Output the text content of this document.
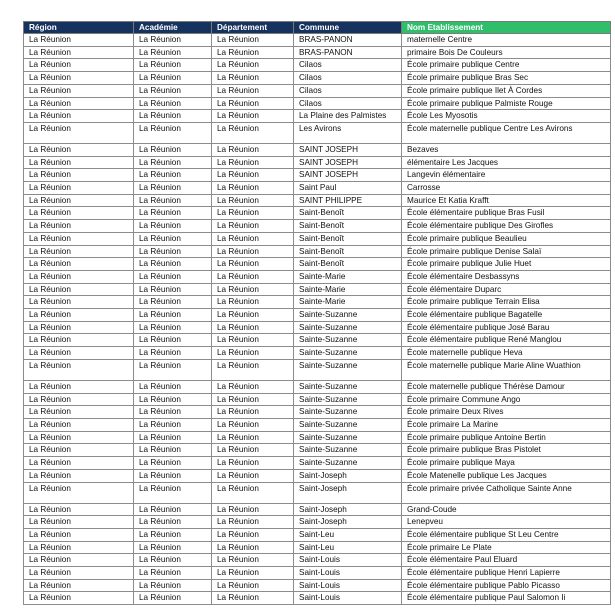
Région	Académie	Département	Commune	Nom Etablissement
La Réunion	La Réunion	La Réunion	BRAS-PANON	maternelle Centre
La Réunion	La Réunion	La Réunion	BRAS-PANON	primaire Bois De Couleurs
La Réunion	La Réunion	La Réunion	Cilaos	École primaire publique Centre
La Réunion	La Réunion	La Réunion	Cilaos	École primaire publique Bras Sec
La Réunion	La Réunion	La Réunion	Cilaos	École primaire publique Ilet À Cordes
La Réunion	La Réunion	La Réunion	Cilaos	École primaire publique Palmiste Rouge
La Réunion	La Réunion	La Réunion	La Plaine des Palmistes	École Les Myosotis
La Réunion	La Réunion	La Réunion	Les Avirons	École maternelle publique Centre Les Avirons
La Réunion	La Réunion	La Réunion	SAINT JOSEPH	Bezaves
La Réunion	La Réunion	La Réunion	SAINT JOSEPH	élémentaire Les Jacques
La Réunion	La Réunion	La Réunion	SAINT JOSEPH	Langevin élémentaire
La Réunion	La Réunion	La Réunion	Saint Paul	Carrosse
La Réunion	La Réunion	La Réunion	SAINT PHILIPPE	Maurice Et Katia Krafft
La Réunion	La Réunion	La Réunion	Saint-Benoît	École élémentaire publique Bras Fusil
La Réunion	La Réunion	La Réunion	Saint-Benoît	École élémentaire publique Des Girofles
La Réunion	La Réunion	La Réunion	Saint-Benoît	École primaire publique Beaulieu
La Réunion	La Réunion	La Réunion	Saint-Benoît	École primaire publique Denise Salaï
La Réunion	La Réunion	La Réunion	Saint-Benoît	École primaire publique Julie Huet
La Réunion	La Réunion	La Réunion	Sainte-Marie	École élémentaire Desbassyns
La Réunion	La Réunion	La Réunion	Sainte-Marie	École élémentaire Duparc
La Réunion	La Réunion	La Réunion	Sainte-Marie	École primaire publique Terrain Elisa
La Réunion	La Réunion	La Réunion	Sainte-Suzanne	École élémentaire publique Bagatelle
La Réunion	La Réunion	La Réunion	Sainte-Suzanne	École élémentaire publique José Barau
La Réunion	La Réunion	La Réunion	Sainte-Suzanne	École élémentaire publique René Manglou
La Réunion	La Réunion	La Réunion	Sainte-Suzanne	École maternelle publique Heva
La Réunion	La Réunion	La Réunion	Sainte-Suzanne	École maternelle publique Marie Aline Wuathion
La Réunion	La Réunion	La Réunion	Sainte-Suzanne	École maternelle publique Thérèse Damour
La Réunion	La Réunion	La Réunion	Sainte-Suzanne	École primaire Commune Ango
La Réunion	La Réunion	La Réunion	Sainte-Suzanne	École primaire Deux Rives
La Réunion	La Réunion	La Réunion	Sainte-Suzanne	École primaire La Marine
La Réunion	La Réunion	La Réunion	Sainte-Suzanne	École primaire publique Antoine Bertin
La Réunion	La Réunion	La Réunion	Sainte-Suzanne	École primaire publique Bras Pistolet
La Réunion	La Réunion	La Réunion	Sainte-Suzanne	École primaire publique Maya
La Réunion	La Réunion	La Réunion	Saint-Joseph	École Matenelle publique Les Jacques
La Réunion	La Réunion	La Réunion	Saint-Joseph	École primaire privée Catholique Sainte Anne
La Réunion	La Réunion	La Réunion	Saint-Joseph	Grand-Coude
La Réunion	La Réunion	La Réunion	Saint-Joseph	Lenepveu
La Réunion	La Réunion	La Réunion	Saint-Leu	École élémentaire publique St Leu Centre
La Réunion	La Réunion	La Réunion	Saint-Leu	École primaire Le Plate
La Réunion	La Réunion	La Réunion	Saint-Louis	École élémentaire Paul Eluard
La Réunion	La Réunion	La Réunion	Saint-Louis	École élémentaire publique Henri Lapierre
La Réunion	La Réunion	La Réunion	Saint-Louis	École élémentaire publique Pablo Picasso
La Réunion	La Réunion	La Réunion	Saint-Louis	École élémentaire publique Paul Salomon Ii
